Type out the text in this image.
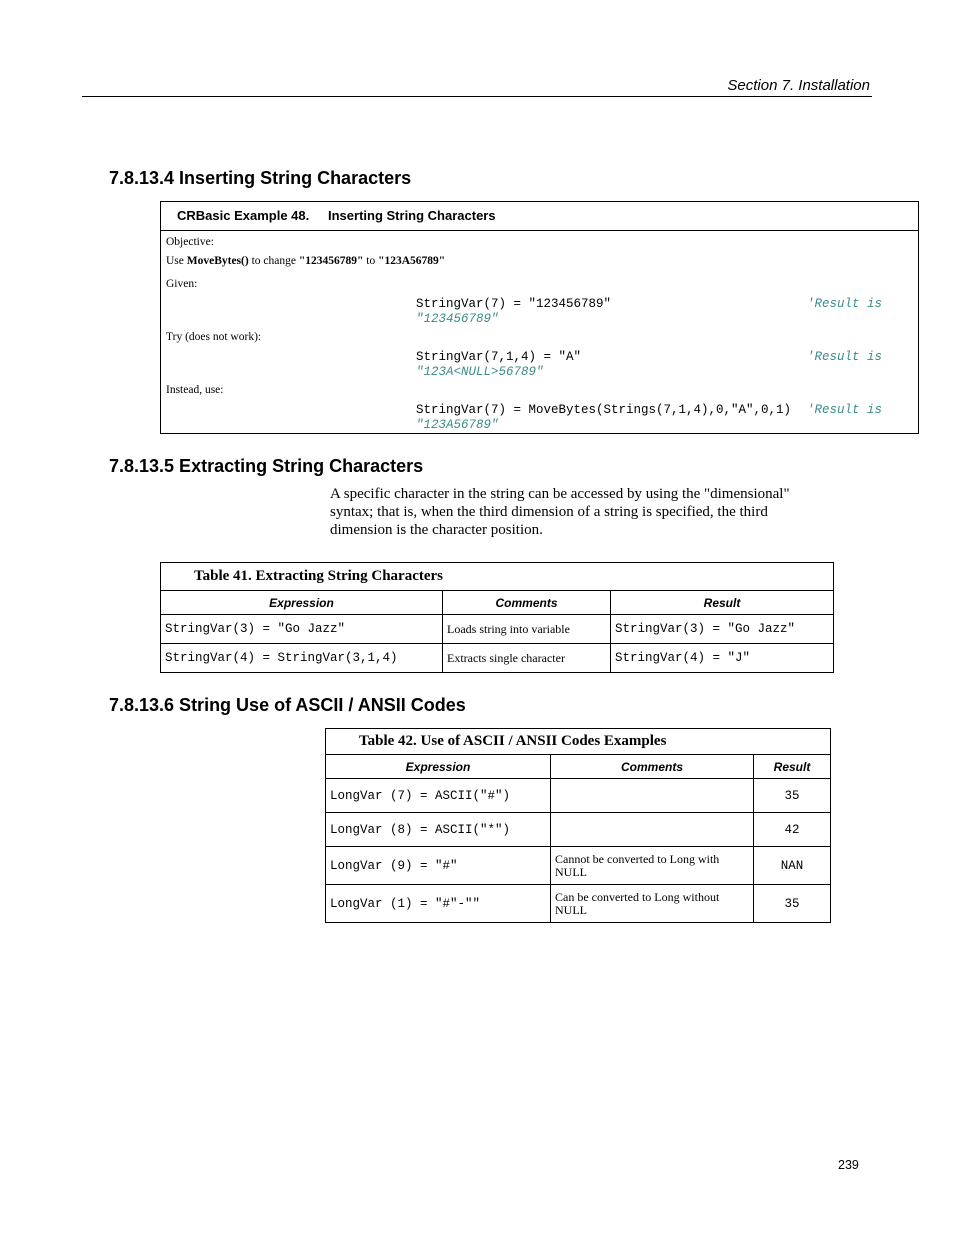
Section 7. Installation
7.8.13.4 Inserting String Characters
CRBasic Example 48. Inserting String Characters
Objective:
Use MoveBytes() to change "123456789" to "123A56789"
Given:
StringVar(7) = "123456789"	'Result is
"123456789"
Try (does not work):
StringVar(7,1,4) = "A"	'Result is
"123A<NULL>56789"
Instead, use:
StringVar(7) = MoveBytes(Strings(7,1,4),0,"A",0,1) 'Result is
"123A56789"
7.8.13.5 Extracting String Characters
A specific character in the string can be accessed by using the "dimensional" syntax; that is, when the third dimension of a string is specified, the third dimension is the character position.
Table 41. Extracting String Characters		
Expression	Comments	Result
StringVar(3) = "Go Jazz"	Loads string into variable	StringVar(3) = "Go Jazz"
StringVar(4) = StringVar(3,1,4)	Extracts single character	StringVar(4) = "J"
7.8.13.6 String Use of ASCII / ANSII Codes
Table 42. Use of ASCII / ANSII Codes Examples		
Expression	Comments	Result
LongVar (7) = ASCII("#")		35
LongVar (8) = ASCII("*")		42
LongVar (9) = "#"	Cannot be converted to Long with NULL	NAN
LongVar (1) = "#"-""	Can be converted to Long without NULL	35
239
